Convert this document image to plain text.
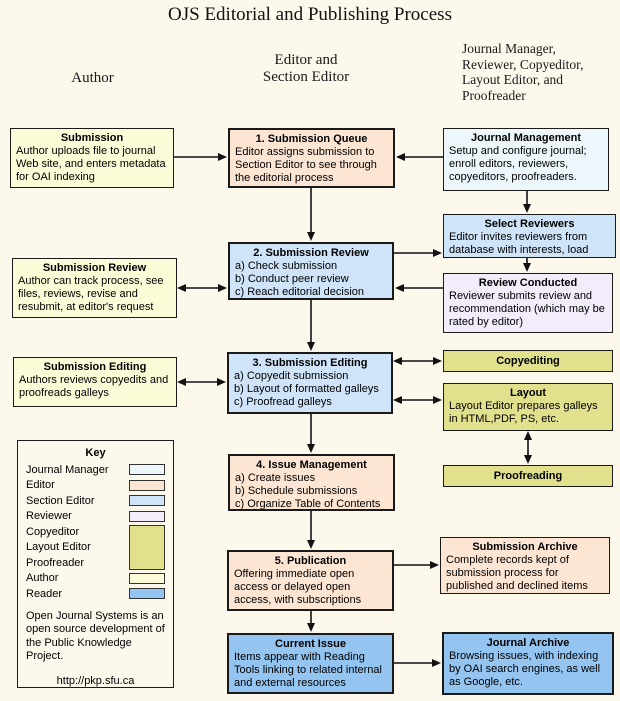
OJS Editorial and Publishing Process
Author
Editor and
Section Editor
Journal Manager,
Reviewer, Copyeditor,
Layout Editor, and
Proofreader
Submission
Author uploads file to journal Web site, and enters metadata for OAI indexing
1. Submission Queue
Editor assigns submission to Section Editor to see through the editorial process
Journal Management
Setup and configure journal; enroll editors, reviewers, copyeditors, proofreaders.
Select Reviewers
Editor invites reviewers from database with interests, load
Submission Review
Author can track process, see files, reviews, revise and resubmit, at editor's request
2. Submission Review
a) Check submission
b) Conduct peer review
c) Reach editorial decision
Review Conducted
Reviewer submits review and recommendation (which may be rated by editor)
Submission Editing
Authors reviews copyedits and proofreads galleys
3. Submission Editing
a) Copyedit submission
b) Layout of formatted galleys
c) Proofread galleys
Copyediting
Layout
Layout Editor prepares galleys in HTML,PDF, PS, etc.
Proofreading
4. Issue Management
a) Create issues
b) Schedule submissions
c) Organize Table of Contents
5. Publication
Offering immediate open access or delayed open access, with subscriptions
Submission Archive
Complete records kept of submission process for published and declined items
Current Issue
Items appear with Reading Tools linking to related internal and external resources
Journal Archive
Browsing issues, with indexing by OAI search engines, as well as Google, etc.
Key
Journal Manager
Editor
Section Editor
Reviewer
Copyeditor
Layout Editor
Proofreader
Author
Reader
Open Journal Systems is an open source development of the Public Knowledge Project.
http://pkp.sfu.ca
